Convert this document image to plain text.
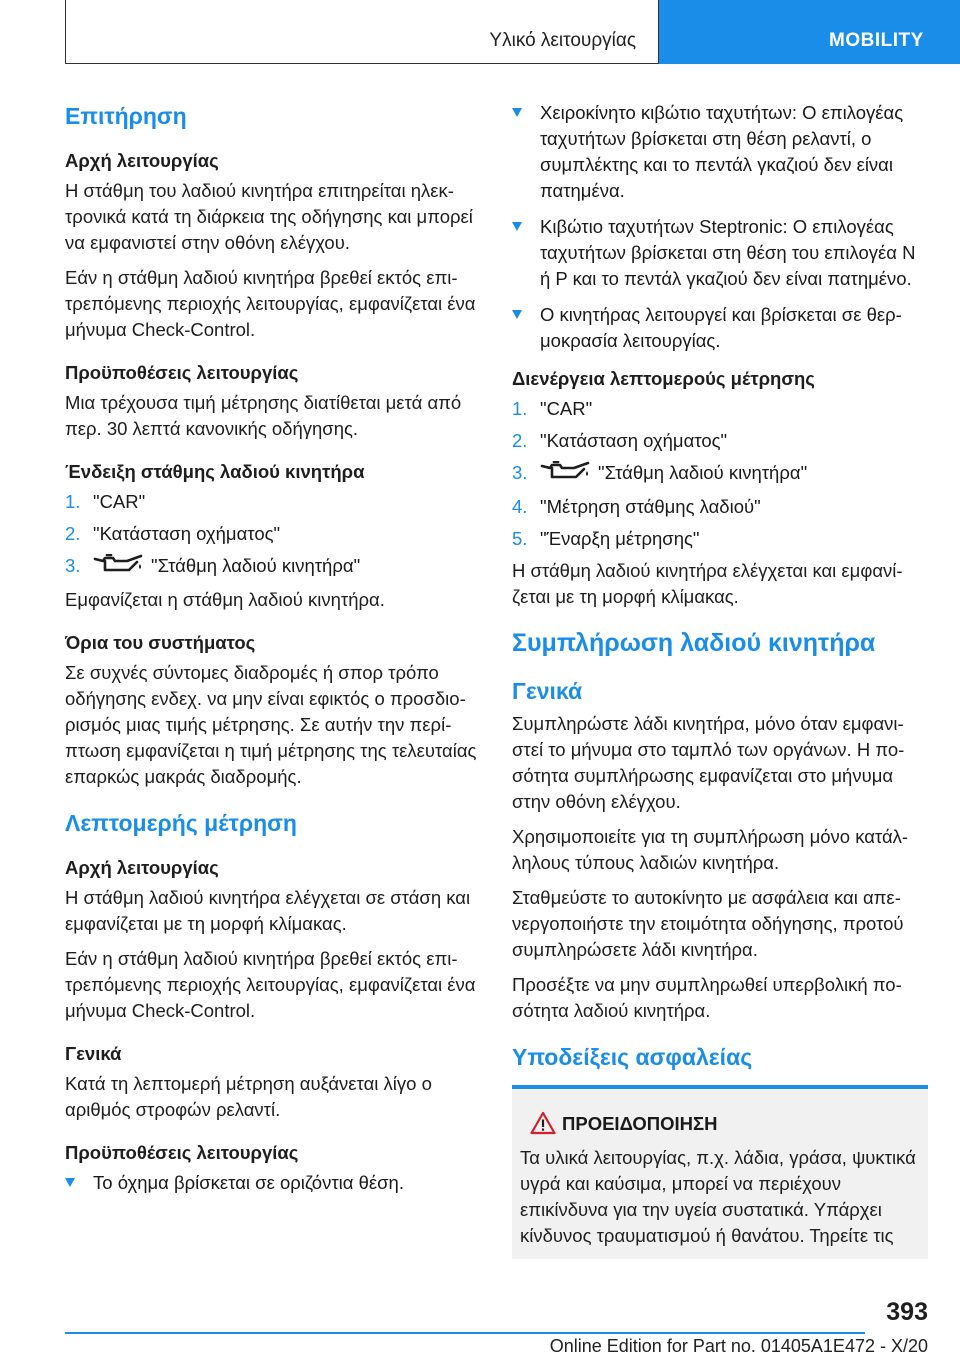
Υλικό λειτουργίας	MOBILITY
Επιτήρηση
Αρχή λειτουργίας

Η στάθμη του λαδιού κινητήρα επιτηρείται ηλεκτρονικά κατά τη διάρκεια της οδήγησης και μπορεί να εμφανιστεί στην οθόνη ελέγχου.

Εάν η στάθμη λαδιού κινητήρα βρεθεί εκτός επιτρεπόμενης περιοχής λειτουργίας, εμφανίζεται ένα μήνυμα Check-Control.

Προϋποθέσεις λειτουργίας

Μια τρέχουσα τιμή μέτρησης διατίθεται μετά από περ. 30 λεπτά κανονικής οδήγησης.

Ένδειξη στάθμης λαδιού κινητήρα
1. "CAR"
2. "Κατάσταση οχήματος"
3.	"Στάθμη λαδιού κινητήρα"

Εμφανίζεται η στάθμη λαδιού κινητήρα.

Όρια του συστήματος

Σε συχνές σύντομες διαδρομές ή σπορ τρόπο οδήγησης ενδεχ. να μην είναι εφικτός ο προσδιορισμός μιας τιμής μέτρησης. Σε αυτήν την περίπτωση εμφανίζεται η τιμή μέτρησης της τελευταίας επαρκώς μακράς διαδρομής.

Λεπτομερής μέτρηση
Αρχή λειτουργίας

Η στάθμη λαδιού κινητήρα ελέγχεται σε στάση και εμφανίζεται με τη μορφή κλίμακας.

Εάν η στάθμη λαδιού κινητήρα βρεθεί εκτός επιτρεπόμενης περιοχής λειτουργίας, εμφανίζεται ένα μήνυμα Check-Control.

Γενικά

Κατά τη λεπτομερή μέτρηση αυξάνεται λίγο ο αριθμός στροφών ρελαντί.

Προϋποθέσεις λειτουργίας
Το όχημα βρίσκεται σε οριζόντια θέση.
Χειροκίνητο κιβώτιο ταχυτήτων: Ο επιλογέας ταχυτήτων βρίσκεται στη θέση ρελαντί, ο συμπλέκτης και το πεντάλ γκαζιού δεν είναι πατημένα.
Κιβώτιο ταχυτήτων Steptronic: Ο επιλογέας ταχυτήτων βρίσκεται στη θέση του επιλογέα N ή P και το πεντάλ γκαζιού δεν είναι πατημένο.
Ο κινητήρας λειτουργεί και βρίσκεται σε θερμοκρασία λειτουργίας.
Διενέργεια λεπτομερούς μέτρησης
1. "CAR"
2. "Κατάσταση οχήματος"
3.	"Στάθμη λαδιού κινητήρα"
4. "Μέτρηση στάθμης λαδιού"
5. "Έναρξη μέτρησης"

Η στάθμη λαδιού κινητήρα ελέγχεται και εμφανίζεται με τη μορφή κλίμακας.

Συμπλήρωση λαδιού κινητήρα
Γενικά

Συμπληρώστε λάδι κινητήρα, μόνο όταν εμφανιστεί το μήνυμα στο ταμπλό των οργάνων. Η ποσότητα συμπλήρωσης εμφανίζεται στο μήνυμα στην οθόνη ελέγχου.

Χρησιμοποιείτε για τη συμπλήρωση μόνο κατάλληλους τύπους λαδιών κινητήρα.

Σταθμεύστε το αυτοκίνητο με ασφάλεια και απενεργοποιήστε την ετοιμότητα οδήγησης, προτού συμπληρώσετε λάδι κινητήρα.

Προσέξτε να μην συμπληρωθεί υπερβολική ποσότητα λαδιού κινητήρα.

Υποδείξεις ασφαλείας
ΠΡΟΕΙΔΟΠΟΙΗΣΗ

Τα υλικά λειτουργίας, π.χ. λάδια, γράσα, ψυκτικά υγρά και καύσιμα, μπορεί να περιέχουν επικίνδυνα για την υγεία συστατικά. Υπάρχει κίνδυνος τραυματισμού ή θανάτου. Τηρείτε τις

393
Online Edition for Part no. 01405A1E472 - X/20
